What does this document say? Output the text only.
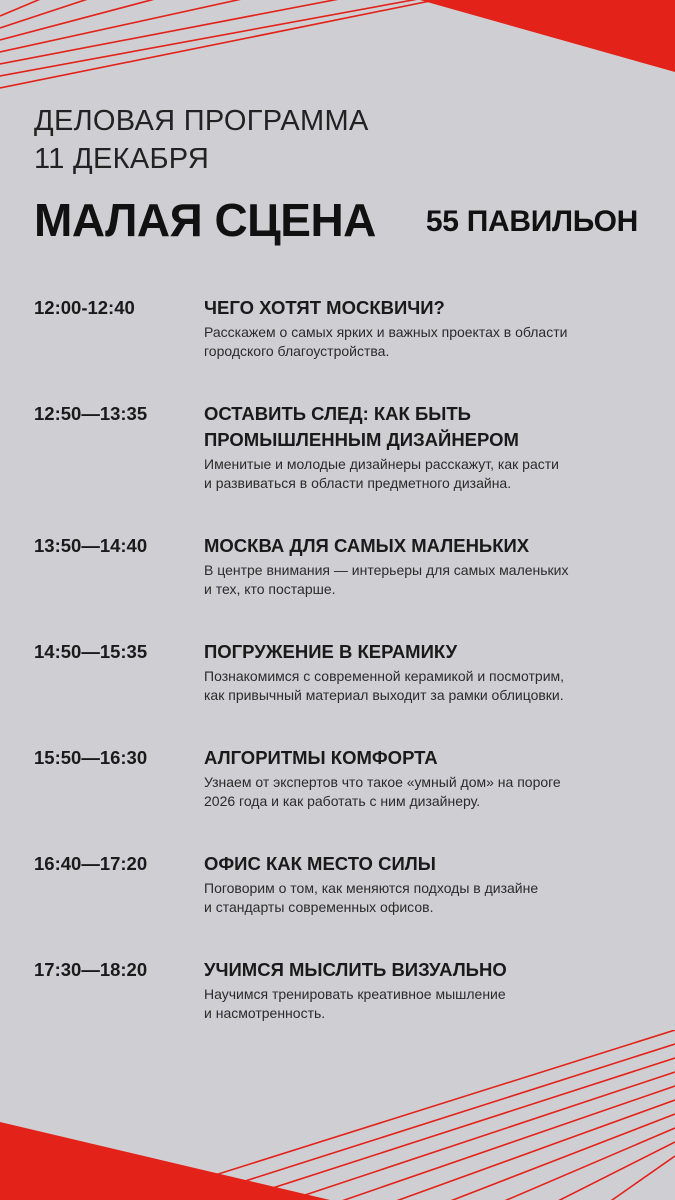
ДЕЛОВАЯ ПРОГРАММА
11 ДЕКАБРЯ
МАЛАЯ СЦЕНА 55 ПАВИЛЬОН
12:00-12:40	ЧЕГО ХОТЯТ МОСКВИЧИ?
Расскажем о самых ярких и важных проектах в области
городского благоустройства.
12:50—13:35	ОСТАВИТЬ СЛЕД: КАК БЫТЬ
ПРОМЫШЛЕННЫМ ДИЗАЙНЕРОМ
Именитые и молодые дизайнеры расскажут, как расти
и развиваться в области предметного дизайна.
13:50—14:40	МОСКВА ДЛЯ САМЫХ МАЛЕНЬКИХ
В центре внимания — интерьеры для самых маленьких
и тех, кто постарше.
14:50—15:35	ПОГРУЖЕНИЕ В КЕРАМИКУ
Познакомимся с современной керамикой и посмотрим,
как привычный материал выходит за рамки облицовки.
15:50—16:30	АЛГОРИТМЫ КОМФОРТА
Узнаем от экспертов что такое «умный дом» на пороге
2026 года и как работать с ним дизайнеру.
16:40—17:20	ОФИС КАК МЕСТО СИЛЫ
Поговорим о том, как меняются подходы в дизайне
и стандарты современных офисов.
17:30—18:20	УЧИМСЯ МЫСЛИТЬ ВИЗУАЛЬНО
Научимся тренировать креативное мышление
и насмотренность.
